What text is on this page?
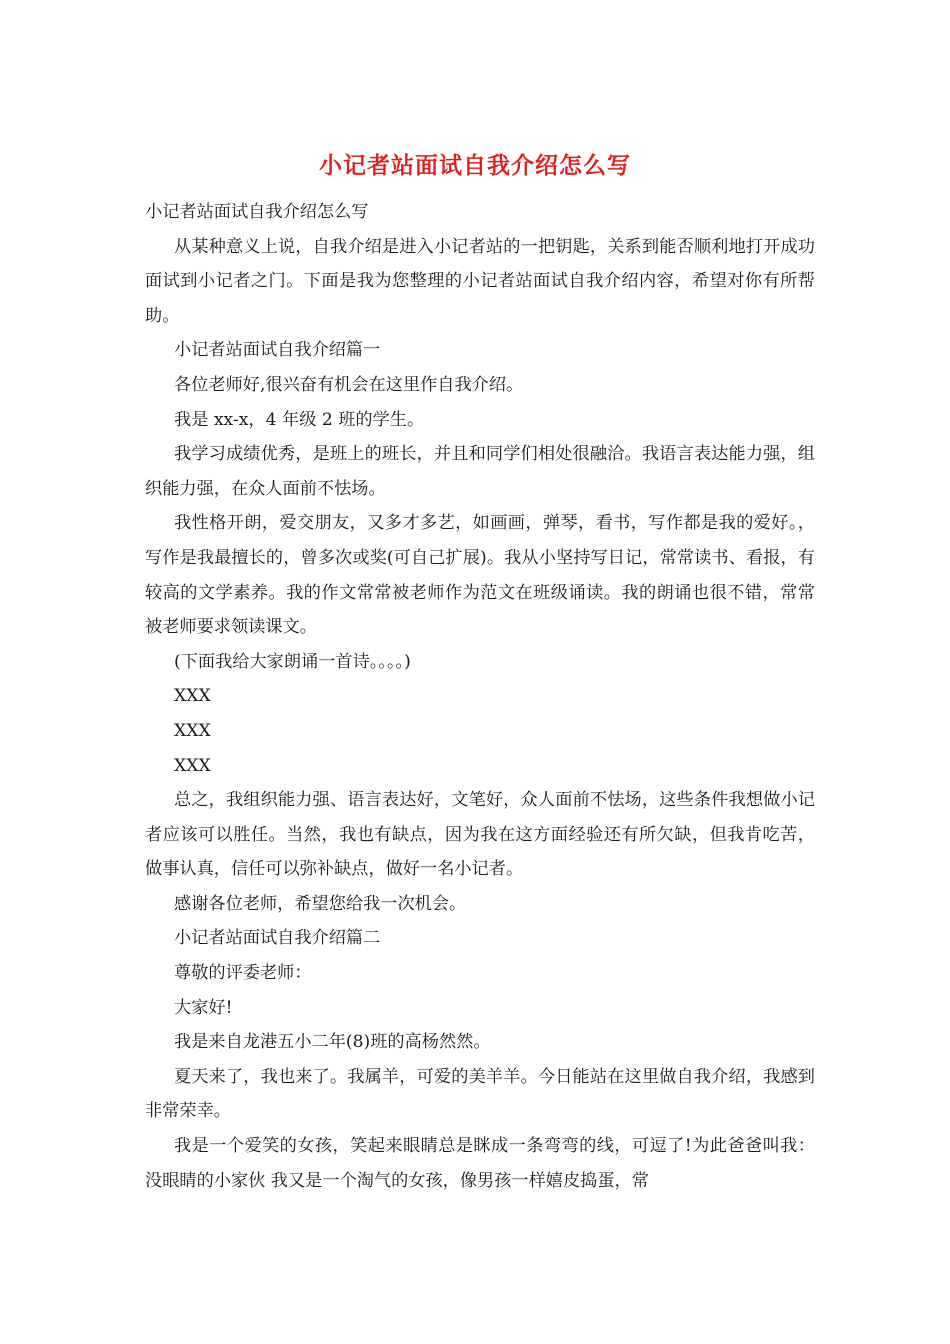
小记者站面试自我介绍怎么写

小记者站面试自我介绍怎么写

从某种意义上说，自我介绍是进入小记者站的一把钥匙，关系到能否顺利地打开成功面试到小记者之门。下面是我为您整理的小记者站面试自我介绍内容，希望对你有所帮助。

小记者站面试自我介绍篇一

各位老师好,很兴奋有机会在这里作自我介绍。

我是 xx-x，4 年级 2 班的学生。

我学习成绩优秀，是班上的班长，并且和同学们相处很融洽。我语言表达能力强，组织能力强，在众人面前不怯场。

我性格开朗，爱交朋友，又多才多艺，如画画，弹琴，看书，写作都是我的爱好。，写作是我最擅长的，曾多次或奖(可自己扩展)。我从小坚持写日记，常常读书、看报，有较高的文学素养。我的作文常常被老师作为范文在班级诵读。我的朗诵也很不错，常常被老师要求领读课文。

(下面我给大家朗诵一首诗。。。。)

XXX

XXX

XXX

总之，我组织能力强、语言表达好，文笔好，众人面前不怯场，这些条件我想做小记者应该可以胜任。当然，我也有缺点，因为我在这方面经验还有所欠缺，但我肯吃苦，做事认真，信任可以弥补缺点，做好一名小记者。

感谢各位老师，希望您给我一次机会。

小记者站面试自我介绍篇二

尊敬的评委老师：

大家好!

我是来自龙港五小二年(8)班的高杨然然。

夏天来了，我也来了。我属羊，可爱的美羊羊。今日能站在这里做自我介绍，我感到非常荣幸。

我是一个爱笑的女孩，笑起来眼睛总是眯成一条弯弯的线，可逗了!为此爸爸叫我： 没眼睛的小家伙 我又是一个淘气的女孩，像男孩一样嬉皮捣蛋，常
